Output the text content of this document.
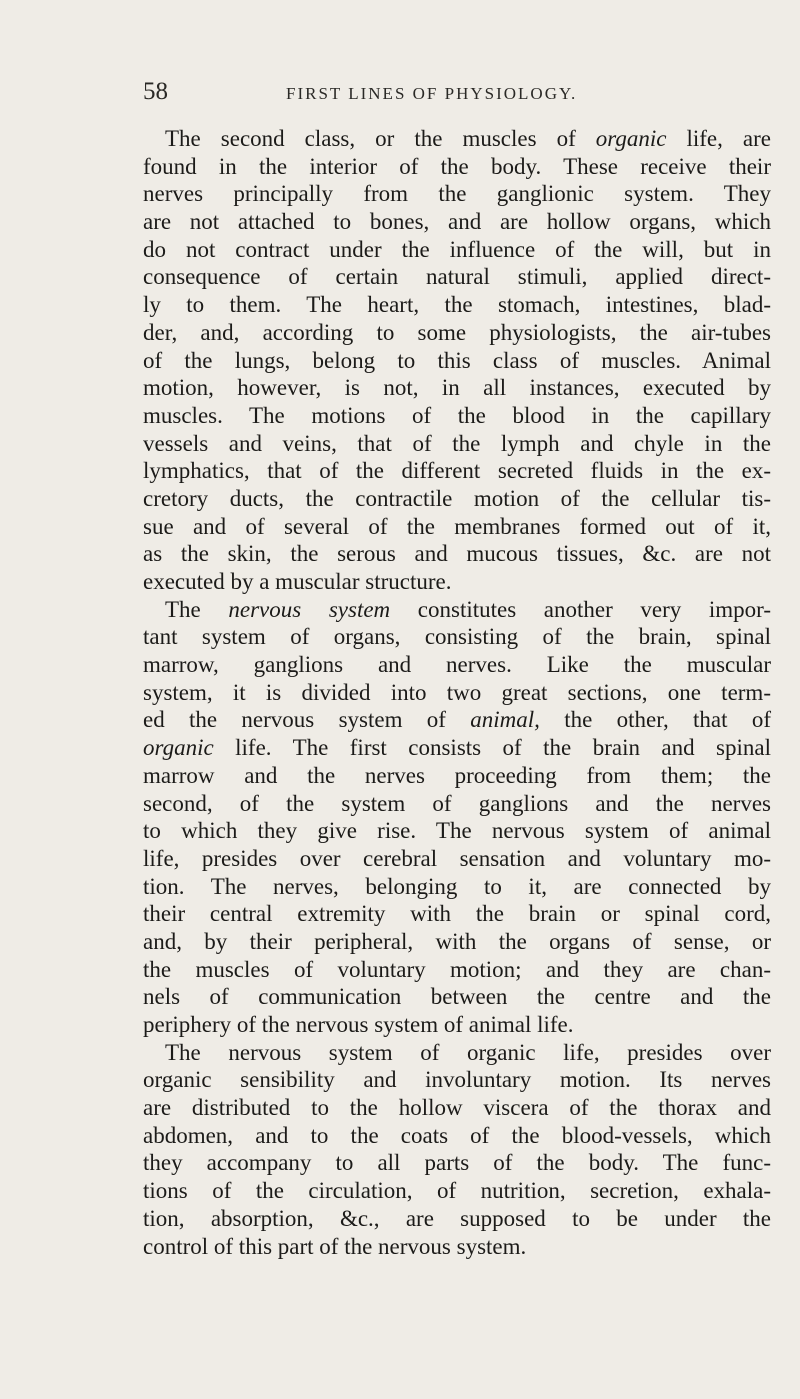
58	FIRST LINES OF PHYSIOLOGY.
The second class, or the muscles of organic life, are
found in the interior of the body. These receive their
nerves principally from the ganglionic system. They
are not attached to bones, and are hollow organs, which
do not contract under the influence of the will, but in
consequence of certain natural stimuli, applied direct-
ly to them. The heart, the stomach, intestines, blad-
der, and, according to some physiologists, the air-tubes
of the lungs, belong to this class of muscles. Animal
motion, however, is not, in all instances, executed by
muscles. The motions of the blood in the capillary
vessels and veins, that of the lymph and chyle in the
lymphatics, that of the different secreted fluids in the ex-
cretory ducts, the contractile motion of the cellular tis-
sue and of several of the membranes formed out of it,
as the skin, the serous and mucous tissues, &c. are not
executed by a muscular structure.
The nervous system constitutes another very impor-
tant system of organs, consisting of the brain, spinal
marrow, ganglions and nerves. Like the muscular
system, it is divided into two great sections, one term-
ed the nervous system of animal, the other, that of
organic life. The first consists of the brain and spinal
marrow and the nerves proceeding from them; the
second, of the system of ganglions and the nerves
to which they give rise. The nervous system of animal
life, presides over cerebral sensation and voluntary mo-
tion. The nerves, belonging to it, are connected by
their central extremity with the brain or spinal cord,
and, by their peripheral, with the organs of sense, or
the muscles of voluntary motion; and they are chan-
nels of communication between the centre and the
periphery of the nervous system of animal life.
The nervous system of organic life, presides over
organic sensibility and involuntary motion. Its nerves
are distributed to the hollow viscera of the thorax and
abdomen, and to the coats of the blood-vessels, which
they accompany to all parts of the body. The func-
tions of the circulation, of nutrition, secretion, exhala-
tion, absorption, &c., are supposed to be under the
control of this part of the nervous system.
